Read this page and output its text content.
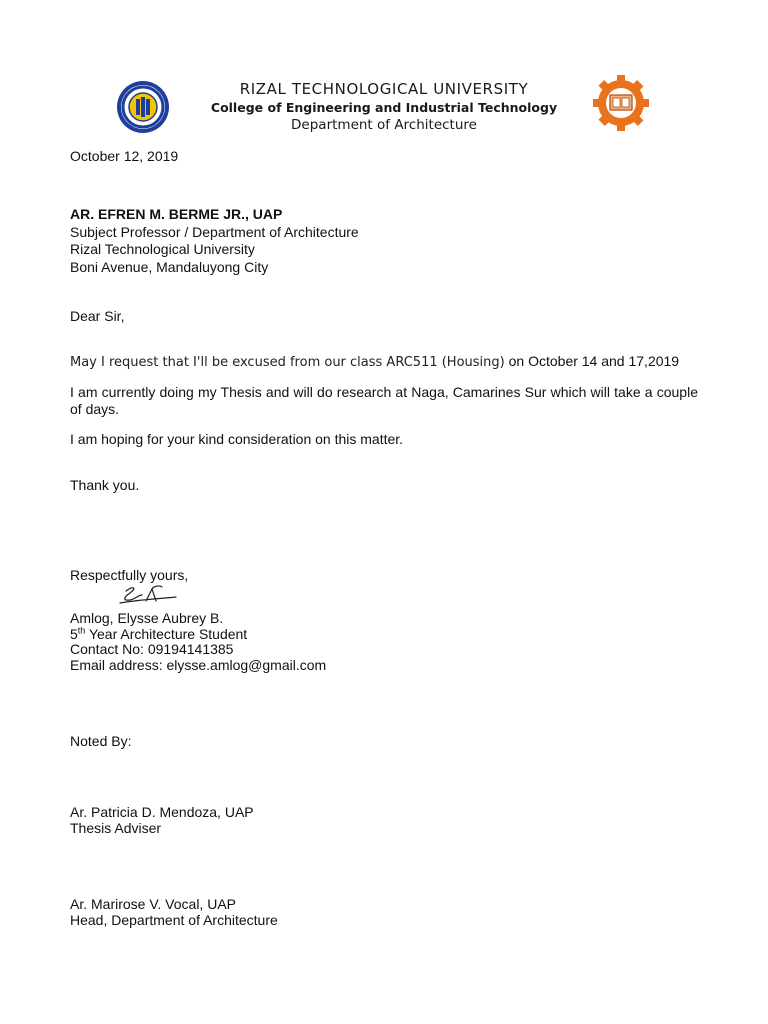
RIZAL TECHNOLOGICAL UNIVERSITY
College of Engineering and Industrial Technology
Department of Architecture
October 12, 2019
AR. EFREN M. BERME JR., UAP
Subject Professor / Department of Architecture
Rizal Technological University
Boni Avenue, Mandaluyong City
Dear Sir,
May I request that I'll be excused from our class ARC511 (Housing) on October 14 and 17,2019
I am currently doing my Thesis and will do research at Naga, Camarines Sur which will take a couple of days.
I am hoping for your kind consideration on this matter.
Thank you.
Respectfully yours,
Amlog, Elysse Aubrey B.
5th Year Architecture Student
Contact No: 09194141385
Email address: elysse.amlog@gmail.com
Noted By:
Ar. Patricia D. Mendoza, UAP
Thesis Adviser
Ar. Marirose V. Vocal, UAP
Head, Department of Architecture
